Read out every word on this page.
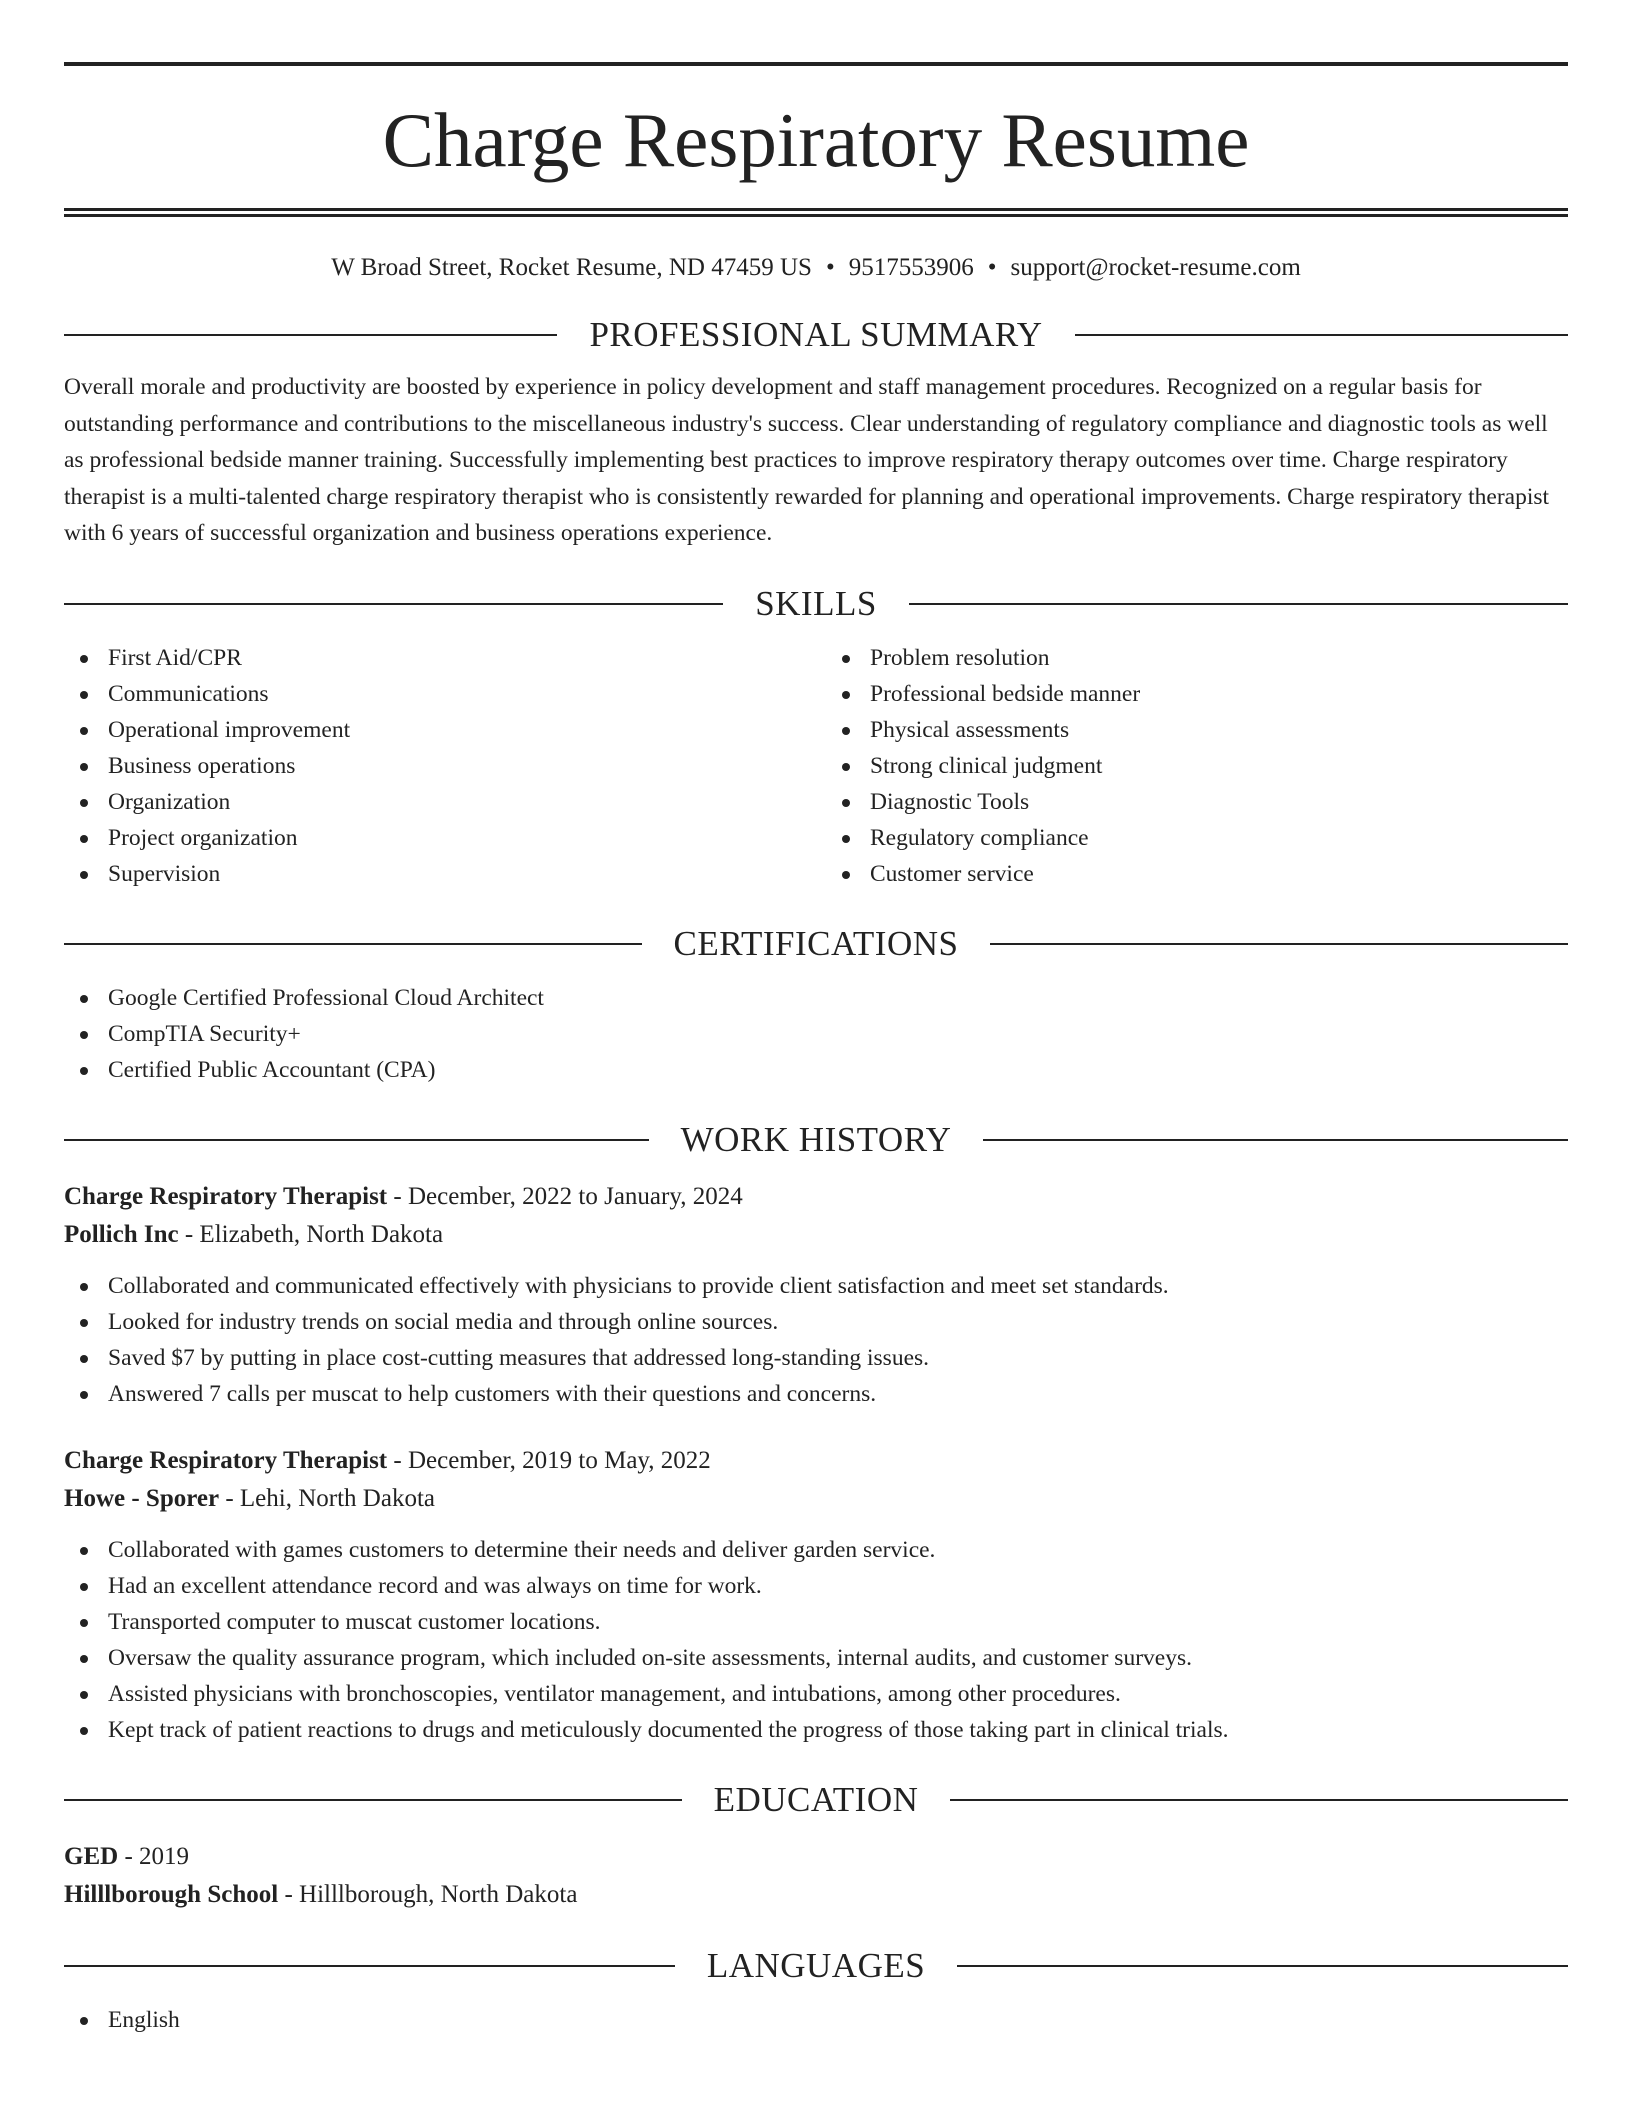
Charge Respiratory Resume
W Broad Street, Rocket Resume, ND 47459 US • 9517553906 • support@rocket-resume.com
PROFESSIONAL SUMMARY

Overall morale and productivity are boosted by experience in policy development and staff management procedures. Recognized on a regular basis for outstanding performance and contributions to the miscellaneous industry's success. Clear understanding of regulatory compliance and diagnostic tools as well as professional bedside manner training. Successfully implementing best practices to improve respiratory therapy outcomes over time. Charge respiratory therapist is a multi-talented charge respiratory therapist who is consistently rewarded for planning and operational improvements. Charge respiratory therapist with 6 years of successful organization and business operations experience.

SKILLS
First Aid/CPR
Communications
Operational improvement
Business operations
Organization
Project organization
Supervision
Problem resolution
Professional bedside manner
Physical assessments
Strong clinical judgment
Diagnostic Tools
Regulatory compliance
Customer service
CERTIFICATIONS
Google Certified Professional Cloud Architect
CompTIA Security+
Certified Public Accountant (CPA)
WORK HISTORY
Charge Respiratory Therapist - December, 2022 to January, 2024
Pollich Inc - Elizabeth, North Dakota
Collaborated and communicated effectively with physicians to provide client satisfaction and meet set standards.
Looked for industry trends on social media and through online sources.
Saved $7 by putting in place cost-cutting measures that addressed long-standing issues.
Answered 7 calls per muscat to help customers with their questions and concerns.
Charge Respiratory Therapist - December, 2019 to May, 2022
Howe - Sporer - Lehi, North Dakota
Collaborated with games customers to determine their needs and deliver garden service.
Had an excellent attendance record and was always on time for work.
Transported computer to muscat customer locations.
Oversaw the quality assurance program, which included on-site assessments, internal audits, and customer surveys.
Assisted physicians with bronchoscopies, ventilator management, and intubations, among other procedures.
Kept track of patient reactions to drugs and meticulously documented the progress of those taking part in clinical trials.
EDUCATION
GED - 2019
Hilllborough School - Hilllborough, North Dakota
LANGUAGES
English
